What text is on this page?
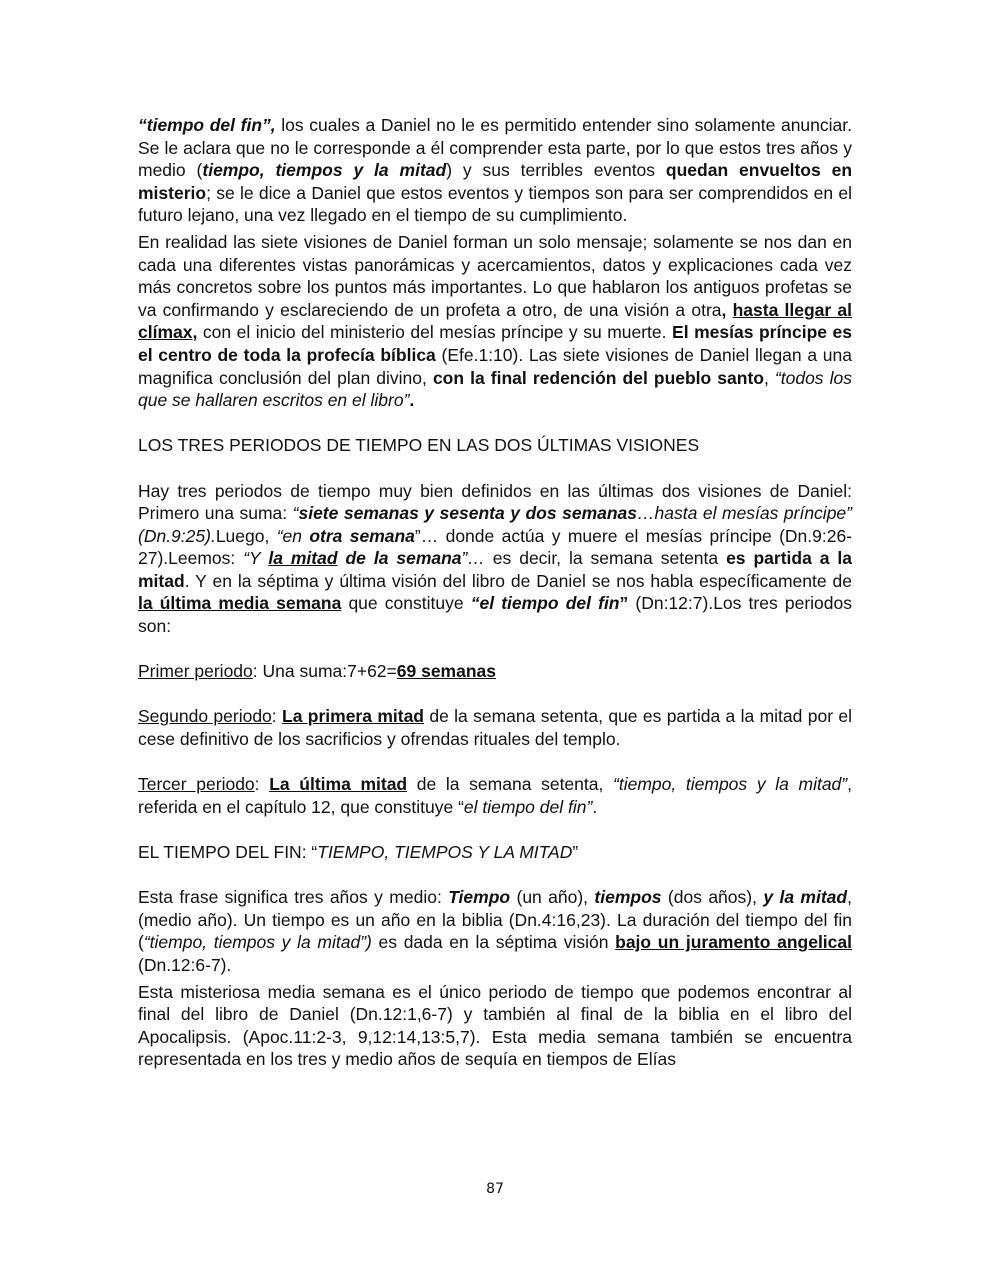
“tiempo del fin”, los cuales a Daniel no le es permitido entender sino solamente anunciar. Se le aclara que no le corresponde a él comprender esta parte, por lo que estos tres años y medio (tiempo, tiempos y la mitad) y sus terribles eventos quedan envueltos en misterio; se le dice a Daniel que estos eventos y tiempos son para ser comprendidos en el futuro lejano, una vez llegado en el tiempo de su cumplimiento.

En realidad las siete visiones de Daniel forman un solo mensaje; solamente se nos dan en cada una diferentes vistas panorámicas y acercamientos, datos y explicaciones cada vez más concretos sobre los puntos más importantes. Lo que hablaron los antiguos profetas se va confirmando y esclareciendo de un profeta a otro, de una visión a otra, hasta llegar al clímax, con el inicio del ministerio del mesías príncipe y su muerte. El mesías príncipe es el centro de toda la profecía bíblica (Efe.1:10). Las siete visiones de Daniel llegan a una magnifica conclusión del plan divino, con la final redención del pueblo santo, “todos los que se hallaren escritos en el libro”.

LOS TRES PERIODOS DE TIEMPO EN LAS DOS ÚLTIMAS VISIONES

Hay tres periodos de tiempo muy bien definidos en las últimas dos visiones de Daniel: Primero una suma: “siete semanas y sesenta y dos semanas…hasta el mesías príncipe” (Dn.9:25).Luego, “en otra semana”… donde actúa y muere el mesías príncipe (Dn.9:26-27).Leemos: “Y la mitad de la semana”… es decir, la semana setenta es partida a la mitad. Y en la séptima y última visión del libro de Daniel se nos habla específicamente de la última media semana que constituye “el tiempo del fin” (Dn:12:7).Los tres periodos son:

Primer periodo: Una suma:7+62=69 semanas

Segundo periodo: La primera mitad de la semana setenta, que es partida a la mitad por el cese definitivo de los sacrificios y ofrendas rituales del templo.

Tercer periodo: La última mitad de la semana setenta, “tiempo, tiempos y la mitad”, referida en el capítulo 12, que constituye “el tiempo del fin”.

EL TIEMPO DEL FIN: “TIEMPO, TIEMPOS Y LA MITAD”

Esta frase significa tres años y medio: Tiempo (un año), tiempos (dos años), y la mitad, (medio año). Un tiempo es un año en la biblia (Dn.4:16,23). La duración del tiempo del fin (“tiempo, tiempos y la mitad”) es dada en la séptima visión bajo un juramento angelical (Dn.12:6-7).

Esta misteriosa media semana es el único periodo de tiempo que podemos encontrar al final del libro de Daniel (Dn.12:1,6-7) y también al final de la biblia en el libro del Apocalipsis. (Apoc.11:2-3, 9,12:14,13:5,7). Esta media semana también se encuentra representada en los tres y medio años de sequía en tiempos de Elías

87
